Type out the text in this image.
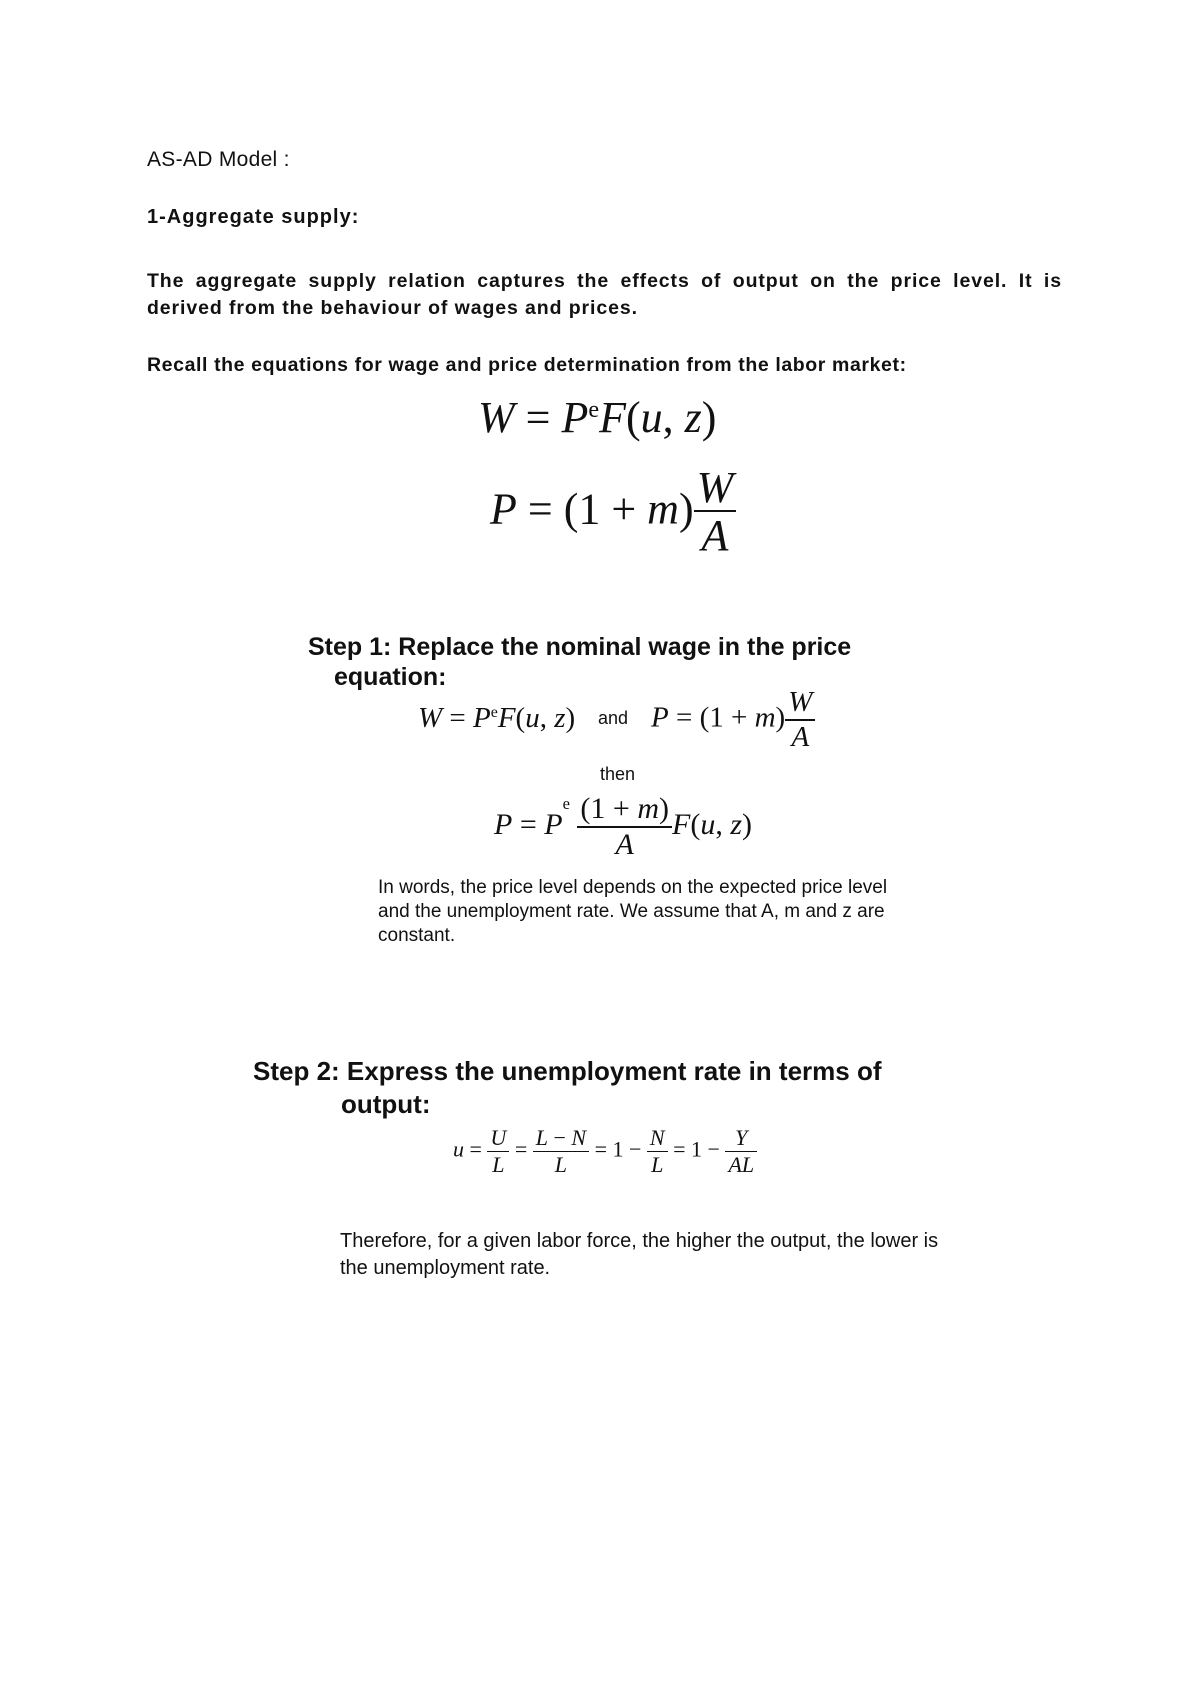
AS-AD Model :
1-Aggregate supply:
The aggregate supply relation captures the effects of output on the price level. It is derived from the behaviour of wages and prices.
Recall the equations for wage and price determination from the labor market:
$W = P^eF(u$, z)
$P = (1 + m) \frac{W}{A}$
Step 1: Replace the nominal wage in the price
equation:
$W = P^eF(u$, z) and $P = (1 + m) \frac{W}{A}$
then
$P = P^e \frac{(1 + m)}{A} F(u$, z)
In words, the price level depends on the expected price level and the unemployment rate. We assume that A, m and z are constant.
Step 2: Express the unemployment rate in terms of
output:
$u = \frac{U}{L} = \frac{L - N}{L} = 1 - \frac{N}{L} = 1 - \frac{Y}{AL}$
Therefore, for a given labor force, the higher the output, the lower is the unemployment rate.
